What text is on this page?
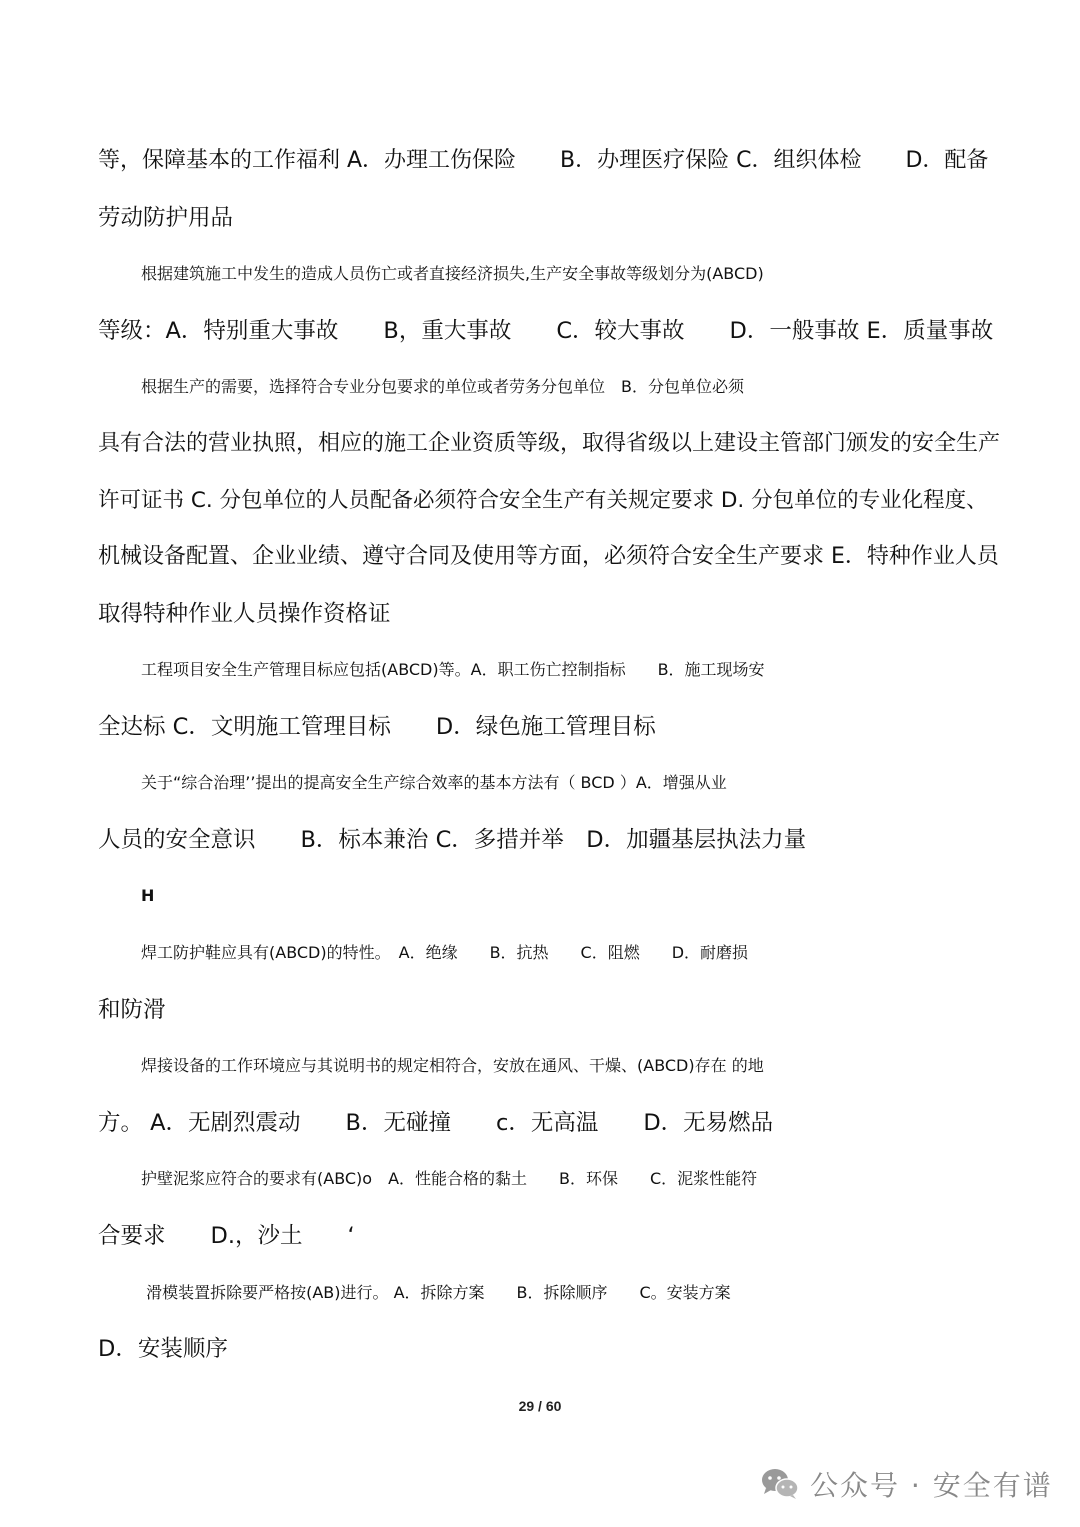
等，保障基本的工作福利 A．办理工伤保险　　B．办理医疗保险 C．组织体检　　D．配备
劳动防护用品
根据建筑施工中发生的造成人员伤亡或者直接经济损失,生产安全事故等级划分为(ABCD)
等级：A．特别重大事故　　B，重大事故　　C．较大事故　　D．一般事故 E．质量事故
根据生产的需要，选择符合专业分包要求的单位或者劳务分包单位　B．分包单位必须
具有合法的营业执照，相应的施工企业资质等级，取得省级以上建设主管部门颁发的安全生产
许可证书 C. 分包单位的人员配备必须符合安全生产有关规定要求 D. 分包单位的专业化程度、
机械设备配置、企业业绩、遵守合同及使用等方面，必须符合安全生产要求 E．特种作业人员
取得特种作业人员操作资格证
工程项目安全生产管理目标应包括(ABCD)等。A．职工伤亡控制指标　　B．施工现场安
全达标 C．文明施工管理目标　　D．绿色施工管理目标
关于“综合治理’’提出的提高安全生产综合效率的基本方法有（ BCD ）A．增强从业
人员的安全意识　　B．标本兼治 C．多措并举　D．加疆基层执法力量
H
焊工防护鞋应具有(ABCD)的特性。　A．绝缘　　B．抗热　　C．阻燃　　D．耐磨损
和防滑
焊接设备的工作环境应与其说明书的规定相符合，安放在通风、干燥、(ABCD)存在 的地
方。 A．无剧烈震动　　B．无碰撞　　c．无高温　　D．无易燃品
护壁泥浆应符合的要求有(ABC)o　A．性能合格的黏土　　B．环保　　C．泥浆性能符
合要求　　D.，沙土　　‘
滑模装置拆除要严格按(AB)进行。 A．拆除方案　　B．拆除顺序　　C。安装方案
D．安装顺序
29 / 60
公众号 · 安全有谱
